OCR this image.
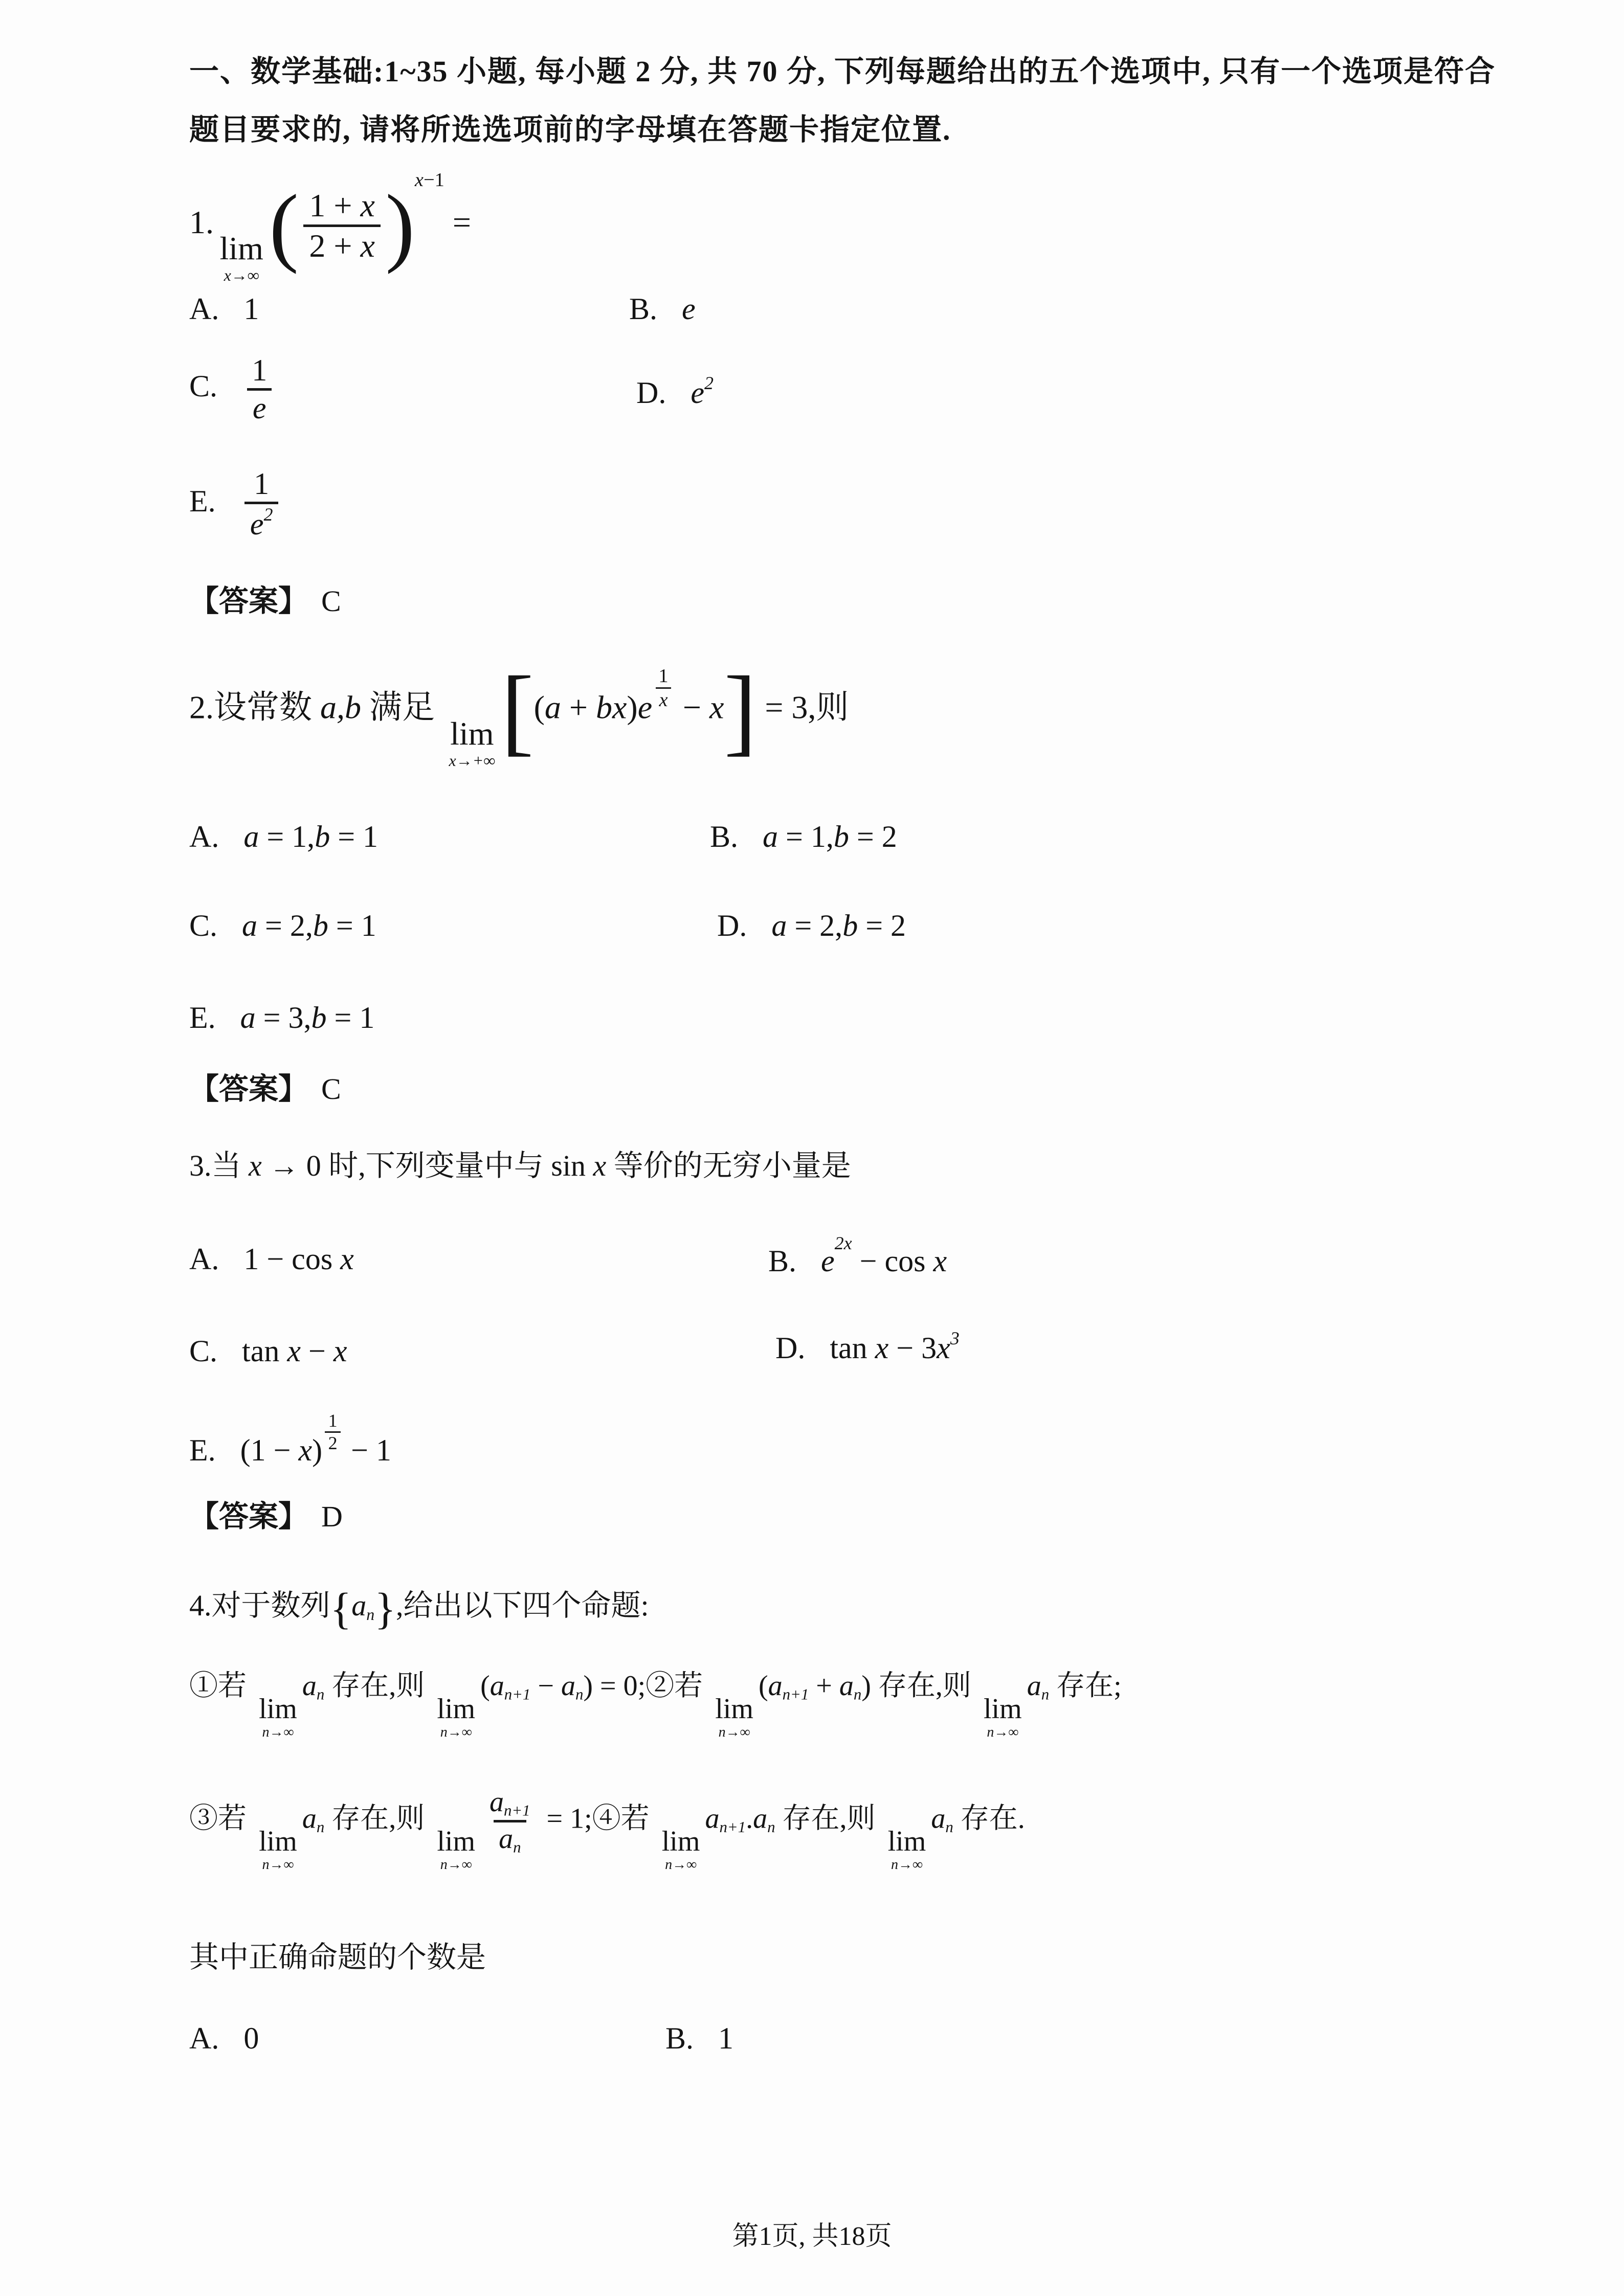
一、数学基础:1~35 小题, 每小题 2 分, 共 70 分, 下列每题给出的五个选项中, 只有一个选项是符合
题目要求的, 请将所选选项前的字母填在答题卡指定位置.
1.
lim
x→∞
( $\frac{1 + x}{2 + x} )x-1$ =
A. 1	B. e
C. $\frac{1}{e}$	D. e2
E. $\frac{1}{e2}$
【答案】 C
2.设常数 a,b 满足
lim
x→+∞ $[(a + bx)e \frac{1}{x} - x] = 3$,则
A. a = 1,b = 1	B. a = 1,b = 2
C. a = 2,b = 1	D. a = 2,b = 2
E. a = 3,b = 1
【答案】 C
3.当 x → 0 时,下列变量中与 sin x 等价的无穷小量是
A. 1 − cos x	B. e2x − cos x
C. tan x − x	D. tan x − 3x3
E. $(1 - x) \frac{1}{2} - 1$
【答案】 D
4.对于数列{an},给出以下四个命题:
①若
lim
n→∞
an 存在,则
lim
n→∞
(an+1 − an) = 0;②若
lim
n→∞
(an+1 + an) 存在,则
lim
n→∞
an 存在;
③若
lim
n→∞
an 存在,则
lim
n→∞
$\frac{an+1}{an}$ = 1;④若
lim
n→∞
an+1.an 存在,则
lim
n→∞
an 存在.
其中正确命题的个数是
A. 0	B. 1
第1页, 共18页
